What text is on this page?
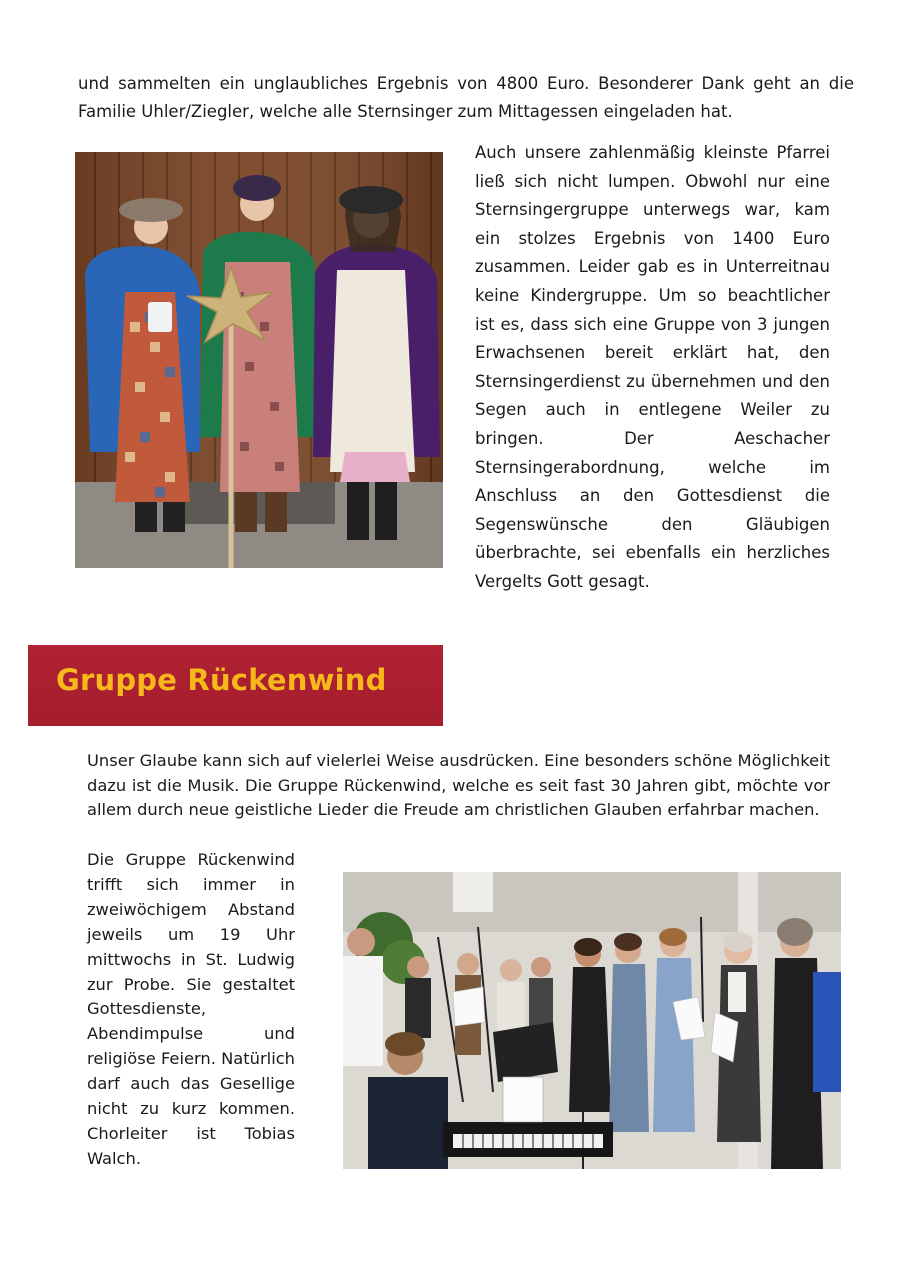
und sammelten ein unglaubliches Ergebnis von 4800 Euro. Besonderer Dank geht an die Familie Uhler/Ziegler, welche alle Sternsinger zum Mittagessen eingeladen hat.

Auch unsere zahlenmäßig kleinste Pfarrei ließ sich nicht lumpen. Obwohl nur eine Sternsingergruppe unterwegs war, kam ein stolzes Ergebnis von 1400 Euro zusammen. Leider gab es in Unterreitnau keine Kindergruppe. Um so beachtlicher ist es, dass sich eine Gruppe von 3 jungen Erwachsenen bereit erklärt hat, den Sternsingerdienst zu übernehmen und den Segen auch in entlegene Weiler zu bringen. Der Aeschacher Sternsingerabordnung, welche im Anschluss an den Gottesdienst die Segenswünsche den Gläubigen überbrachte, sei ebenfalls ein herzliches Vergelts Gott gesagt.

Gruppe Rückenwind

Unser Glaube kann sich auf vielerlei Weise ausdrücken. Eine besonders schöne Möglichkeit dazu ist die Musik. Die Gruppe Rückenwind, welche es seit fast 30 Jahren gibt, möchte vor allem durch neue geistliche Lieder die Freude am christlichen Glauben erfahrbar machen.

Die Gruppe Rückenwind trifft sich immer in zweiwöchigem Abstand jeweils um 19 Uhr mittwochs in St. Ludwig zur Probe. Sie gestaltet Gottesdienste, Abendimpulse und religiöse Feiern. Natürlich darf auch das Gesellige nicht zu kurz kommen. Chorleiter ist Tobias Walch.
